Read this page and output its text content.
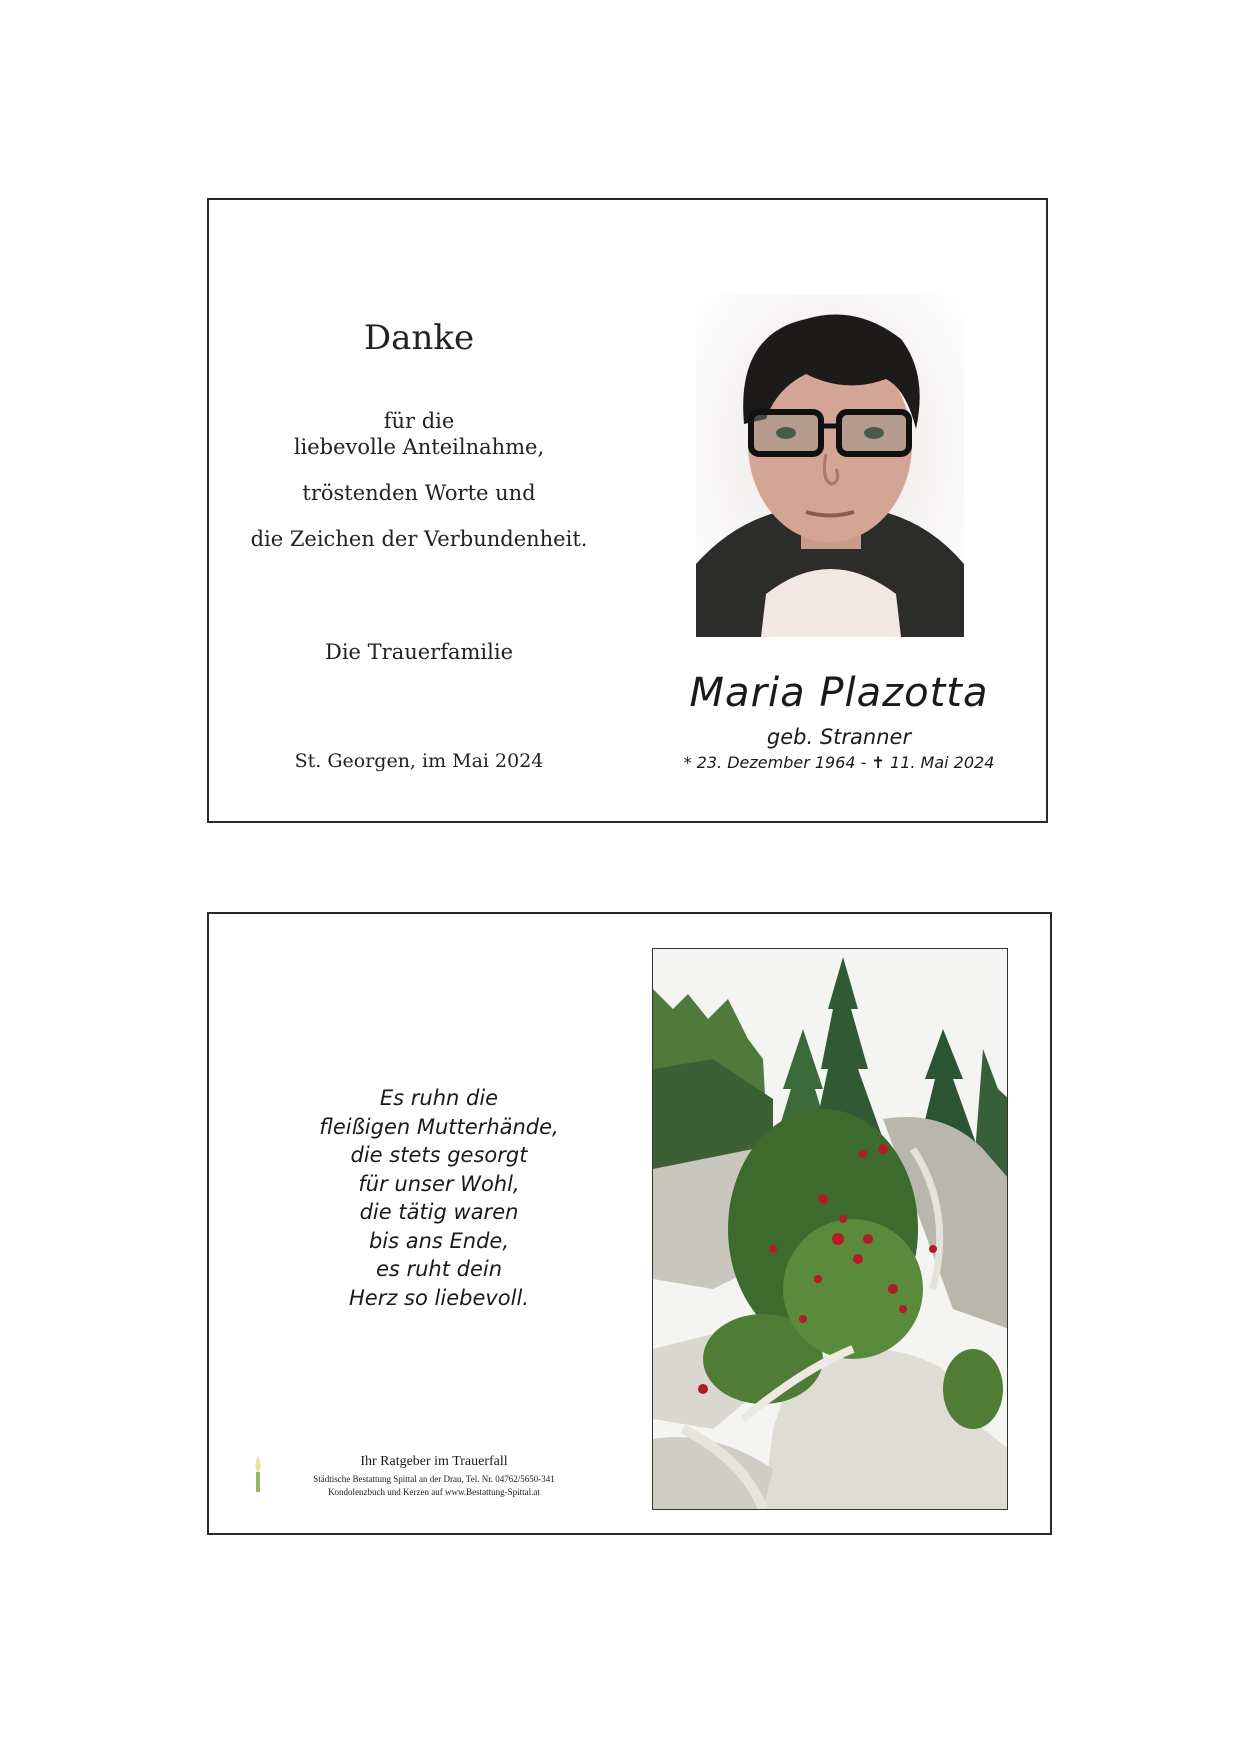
Danke
für die
liebevolle Anteilnahme,
tröstenden Worte und
die Zeichen der Verbundenheit.
Die Trauerfamilie
St. Georgen, im Mai 2024
Maria Plazotta
geb. Stranner
* 23. Dezember 1964 - ✝ 11. Mai 2024
Es ruhn die
fleißigen Mutterhände,
die stets gesorgt
für unser Wohl,
die tätig waren
bis ans Ende,
es ruht dein
Herz so liebevoll.
Ihr Ratgeber im Trauerfall
Städtische Bestattung Spittal an der Drau, Tel. Nr. 04762/5650-341
Kondolenzbuch und Kerzen auf www.Bestattung-Spittal.at
